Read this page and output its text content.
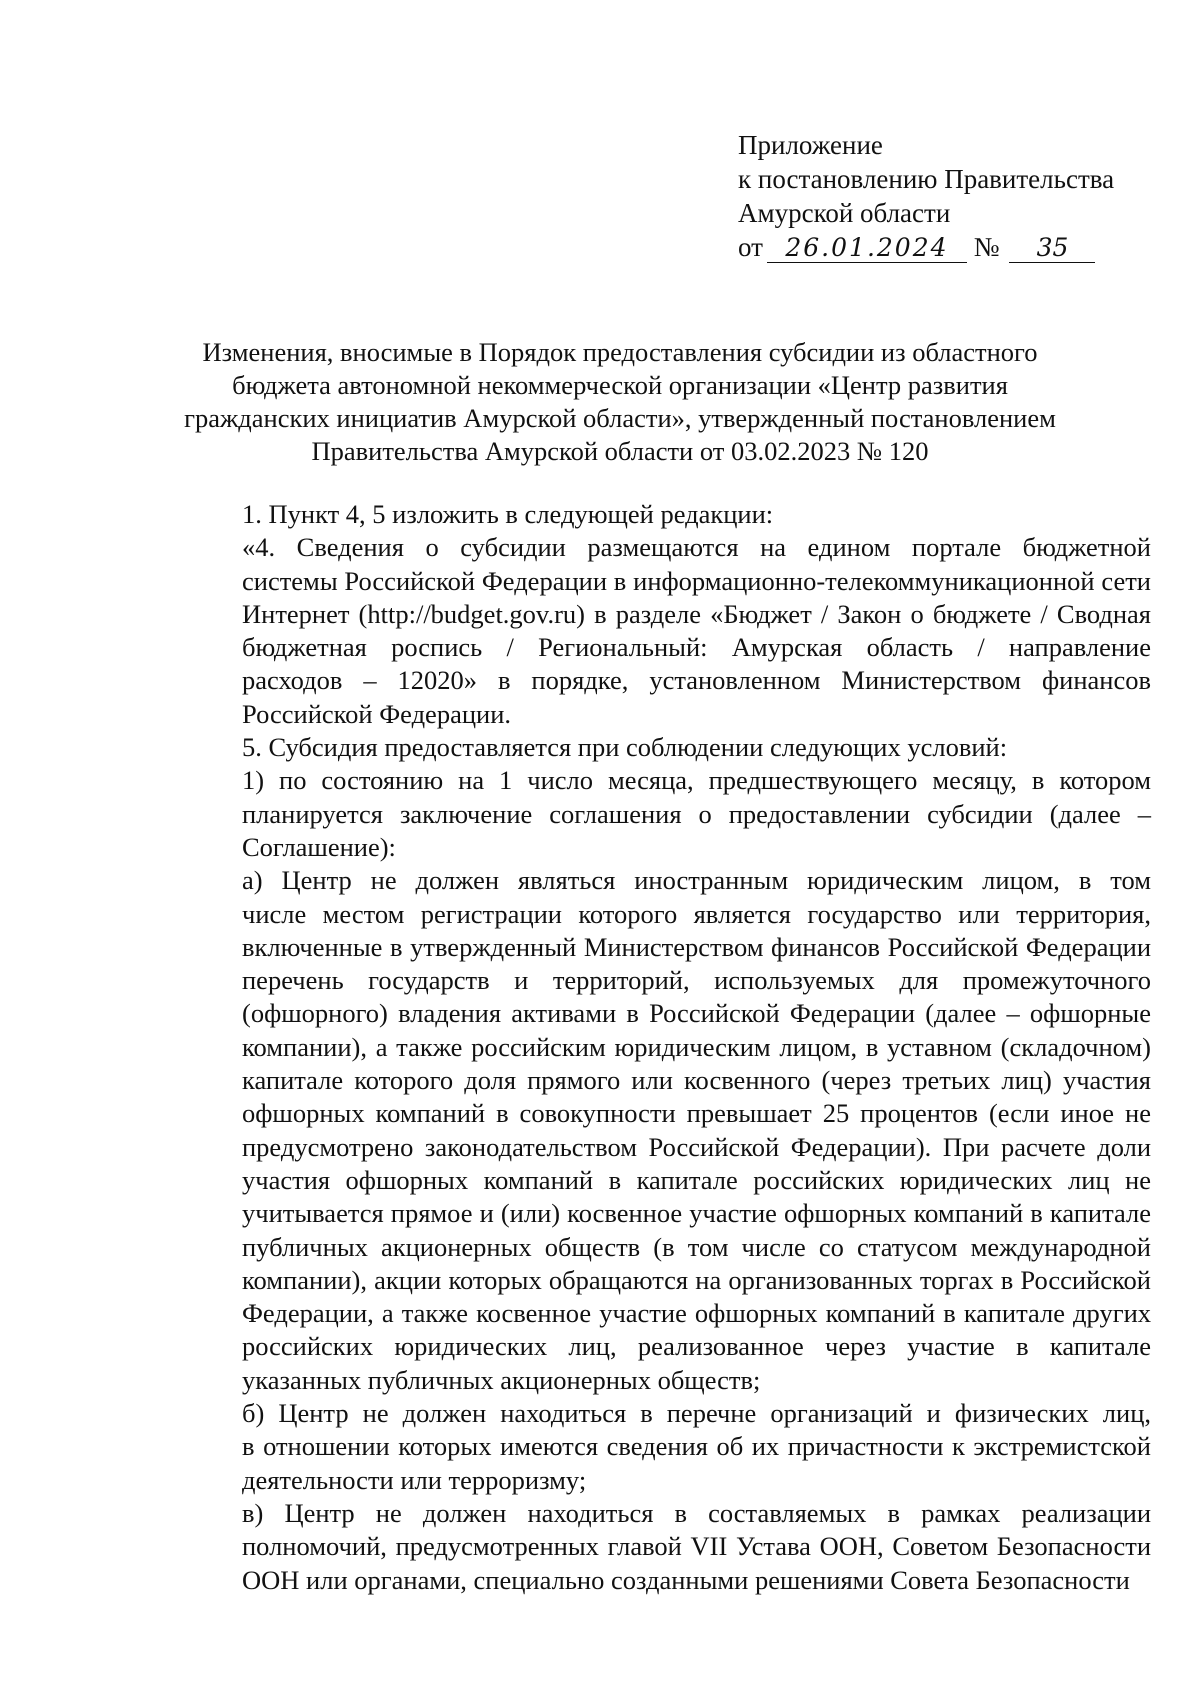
Приложение
к постановлению Правительства
Амурской области
от 26.01.2024 № 35
Изменения, вносимые в Порядок предоставления субсидии из областного
бюджета автономной некоммерческой организации «Центр развития
гражданских инициатив Амурской области», утвержденный постановлением
Правительства Амурской области от 03.02.2023 № 120

1. Пункт 4, 5 изложить в следующей редакции:

«4. Сведения о субсидии размещаются на едином портале бюджетной
системы Российской Федерации в информационно-телекоммуникационной сети
Интернет (http://budget.gov.ru) в разделе «Бюджет / Закон о бюджете / Сводная
бюджетная роспись / Региональный: Амурская область / направление
расходов – 12020» в порядке, установленном Министерством финансов
Российской Федерации.

5. Субсидия предоставляется при соблюдении следующих условий:

1) по состоянию на 1 число месяца, предшествующего месяцу, в котором
планируется заключение соглашения о предоставлении субсидии (далее –
Соглашение):

а) Центр не должен являться иностранным юридическим лицом, в том
числе местом регистрации которого является государство или территория,
включенные в утвержденный Министерством финансов Российской Федерации
перечень государств и территорий, используемых для промежуточного
(офшорного) владения активами в Российской Федерации (далее – офшорные
компании), а также российским юридическим лицом, в уставном (складочном)
капитале которого доля прямого или косвенного (через третьих лиц) участия
офшорных компаний в совокупности превышает 25 процентов (если иное не
предусмотрено законодательством Российской Федерации). При расчете доли
участия офшорных компаний в капитале российских юридических лиц не
учитывается прямое и (или) косвенное участие офшорных компаний в капитале
публичных акционерных обществ (в том числе со статусом международной
компании), акции которых обращаются на организованных торгах в Российской
Федерации, а также косвенное участие офшорных компаний в капитале других
российских юридических лиц, реализованное через участие в капитале
указанных публичных акционерных обществ;

б) Центр не должен находиться в перечне организаций и физических лиц,
в отношении которых имеются сведения об их причастности к экстремистской
деятельности или терроризму;

в) Центр не должен находиться в составляемых в рамках реализации
полномочий, предусмотренных главой VII Устава ООН, Советом Безопасности
ООН или органами, специально созданными решениями Совета Безопасности
